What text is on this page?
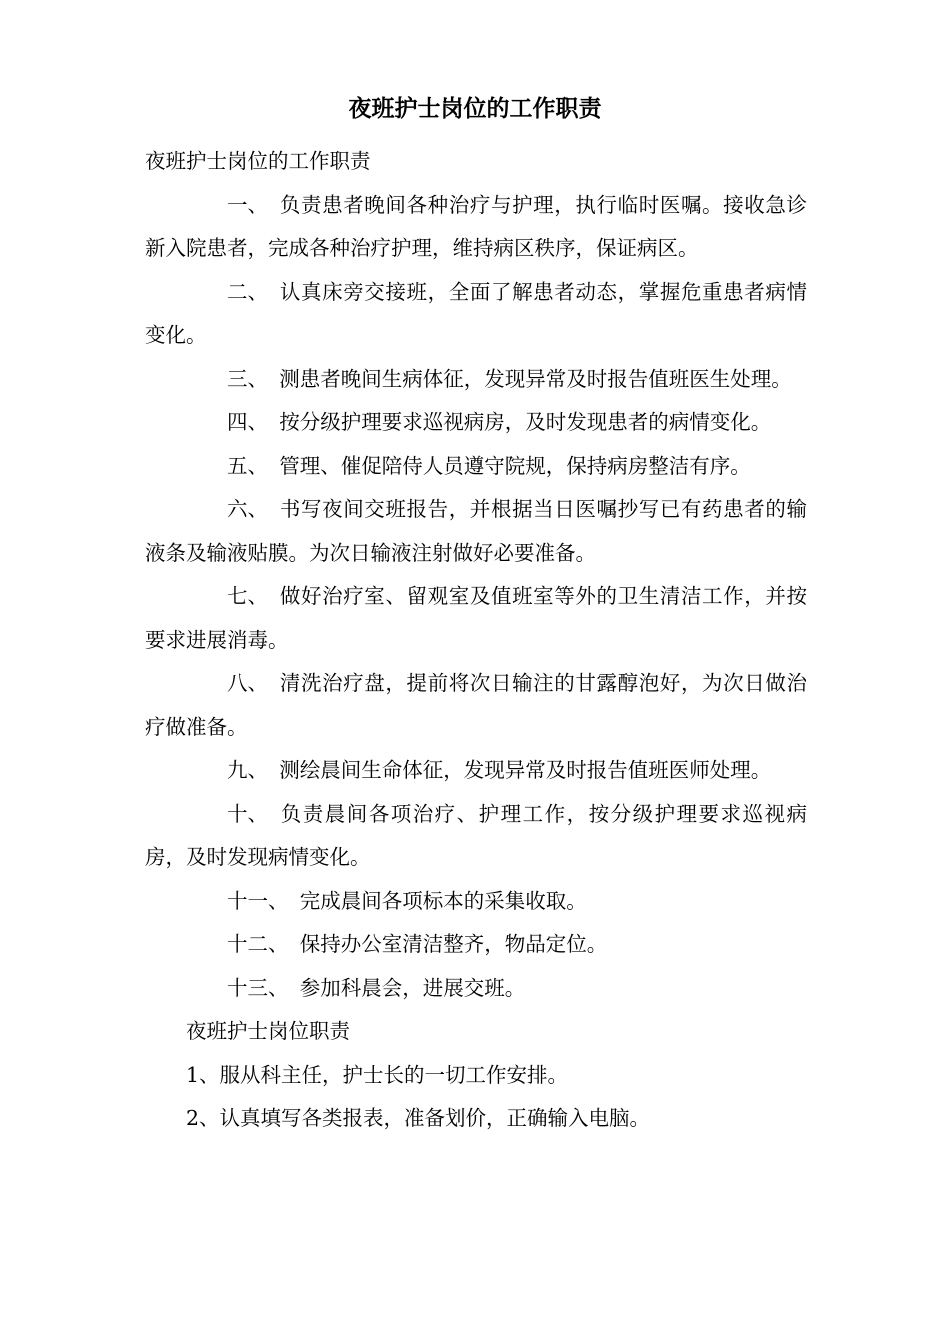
夜班护士岗位的工作职责

夜班护士岗位的工作职责

一、 负责患者晚间各种治疗与护理，执行临时医嘱。接收急诊新入院患者，完成各种治疗护理，维持病区秩序，保证病区。

二、 认真床旁交接班，全面了解患者动态，掌握危重患者病情变化。

三、 测患者晚间生病体征，发现异常及时报告值班医生处理。

四、 按分级护理要求巡视病房，及时发现患者的病情变化。

五、 管理、催促陪侍人员遵守院规，保持病房整洁有序。

六、 书写夜间交班报告，并根据当日医嘱抄写已有药患者的输液条及输液贴膜。为次日输液注射做好必要准备。

七、 做好治疗室、留观室及值班室等外的卫生清洁工作，并按要求进展消毒。

八、 清洗治疗盘，提前将次日输注的甘露醇泡好，为次日做治疗做准备。

九、 测绘晨间生命体征，发现异常及时报告值班医师处理。

十、 负责晨间各项治疗、护理工作，按分级护理要求巡视病房，及时发现病情变化。

十一、 完成晨间各项标本的采集收取。

十二、 保持办公室清洁整齐，物品定位。

十三、 参加科晨会，进展交班。

夜班护士岗位职责

1、服从科主任，护士长的一切工作安排。

2、认真填写各类报表，准备划价，正确输入电脑。
